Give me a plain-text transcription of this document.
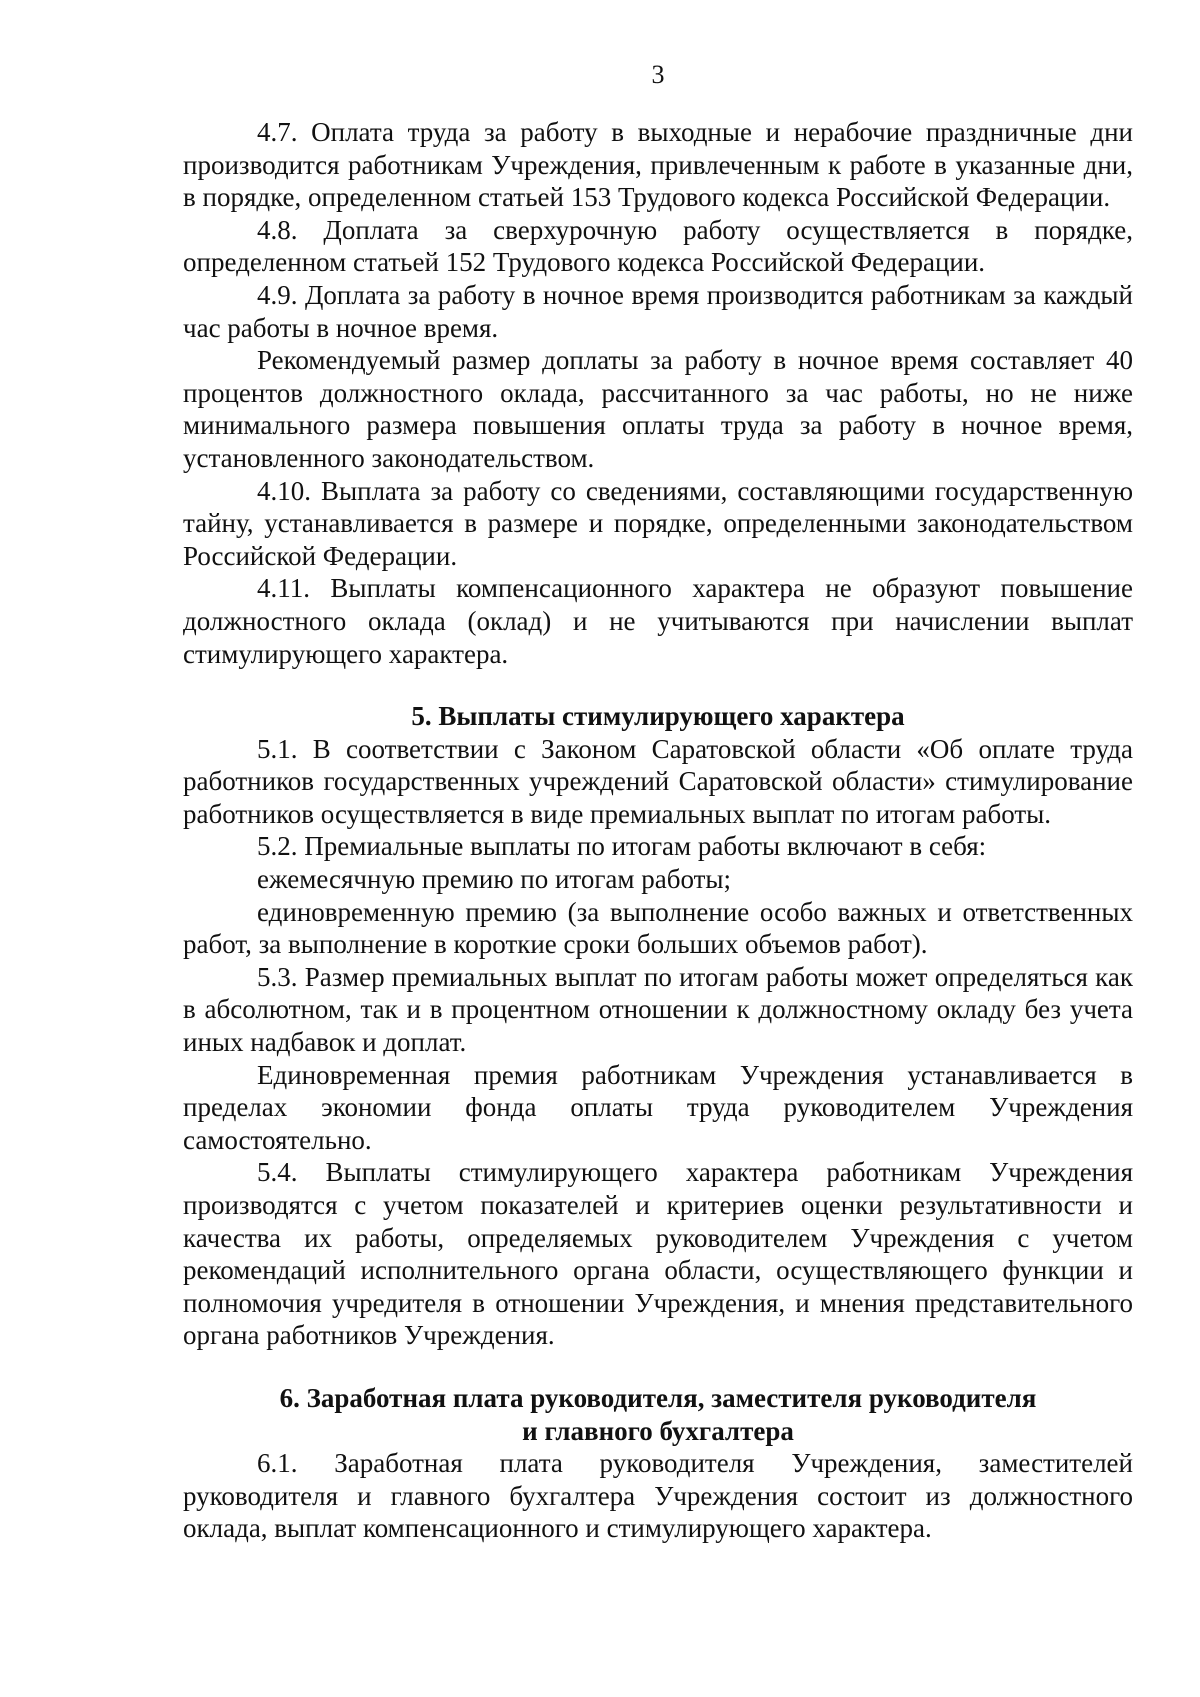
3

4.7. Оплата труда за работу в выходные и нерабочие праздничные дни производится работникам Учреждения, привлеченным к работе в указанные дни, в порядке, определенном статьей 153 Трудового кодекса Российской Федерации.

4.8. Доплата за сверхурочную работу осуществляется в порядке, определенном статьей 152 Трудового кодекса Российской Федерации.

4.9. Доплата за работу в ночное время производится работникам за каждый час работы в ночное время.

Рекомендуемый размер доплаты за работу в ночное время составляет 40 процентов должностного оклада, рассчитанного за час работы, но не ниже минимального размера повышения оплаты труда за работу в ночное время, установленного законодательством.

4.10. Выплата за работу со сведениями, составляющими государственную тайну, устанавливается в размере и порядке, определенными законодательством Российской Федерации.

4.11. Выплаты компенсационного характера не образуют повышение должностного оклада (оклад) и не учитываются при начислении выплат стимулирующего характера.

5. Выплаты стимулирующего характера

5.1. В соответствии с Законом Саратовской области «Об оплате труда работников государственных учреждений Саратовской области» стимулирование работников осуществляется в виде премиальных выплат по итогам работы.

5.2. Премиальные выплаты по итогам работы включают в себя:

ежемесячную премию по итогам работы;

единовременную премию (за выполнение особо важных и ответственных работ, за выполнение в короткие сроки больших объемов работ).

5.3. Размер премиальных выплат по итогам работы может определяться как в абсолютном, так и в процентном отношении к должностному окладу без учета иных надбавок и доплат.

Единовременная премия работникам Учреждения устанавливается в пределах экономии фонда оплаты труда руководителем Учреждения самостоятельно.

5.4. Выплаты стимулирующего характера работникам Учреждения производятся с учетом показателей и критериев оценки результативности и качества их работы, определяемых руководителем Учреждения с учетом рекомендаций исполнительного органа области, осуществляющего функции и полномочия учредителя в отношении Учреждения, и мнения представительного органа работников Учреждения.

6. Заработная плата руководителя, заместителя руководителя
и главного бухгалтера

6.1. Заработная плата руководителя Учреждения, заместителей руководителя и главного бухгалтера Учреждения состоит из должностного оклада, выплат компенсационного и стимулирующего характера.
